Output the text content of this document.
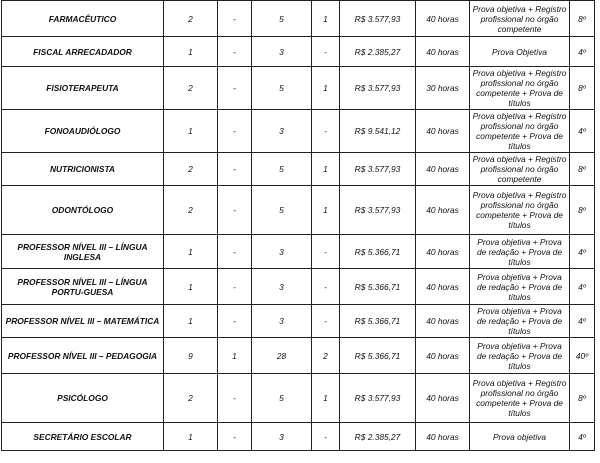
FARMACÊUTICO	2	-	5	1	R$ 3.577,93	40 horas	Prova objetiva + Registro profissional no órgão competente	8º
FISCAL ARRECADADOR	1	-	3	-	R$ 2.385,27	40 horas	Prova Objetiva	4º
FISIOTERAPEUTA	2	-	5	1	R$ 3.577,93	30 horas	Prova objetiva + Registro profissional no órgão competente + Prova de títulos	8º
FONOAUDIÓLOGO	1	-	3	-	R$ 9.541,12	40 horas	Prova objetiva + Registro profissional no órgão competente + Prova de títulos	4º
NUTRICIONISTA	2	-	5	1	R$ 3.577,93	40 horas	Prova objetiva + Registro profissional no órgão competente	8º
ODONTÓLOGO	2	-	5	1	R$ 3.577,93	40 horas	Prova objetiva + Registro profissional no órgão competente + Prova de títulos	8º
PROFESSOR NÍVEL III – LÍNGUA INGLESA	1	-	3	-	R$ 5.366,71	40 horas	Prova objetiva + Prova de redação + Prova de títulos	4º
PROFESSOR NÍVEL III – LÍNGUA PORTU-GUESA	1	-	3	-	R$ 5.366,71	40 horas	Prova objetiva + Prova de redação + Prova de títulos	4º
PROFESSOR NÍVEL III – MATEMÁTICA	1	-	3	-	R$ 5.366,71	40 horas	Prova objetiva + Prova de redação + Prova de títulos	4º
PROFESSOR NÍVEL III – PEDAGOGIA	9	1	28	2	R$ 5.366,71	40 horas	Prova objetiva + Prova de redação + Prova de títulos	40º
PSICÓLOGO	2	-	5	1	R$ 3.577,93	40 horas	Prova objetiva + Registro profissional no órgão competente + Prova de títulos	8º
SECRETÁRIO ESCOLAR	1	-	3	-	R$ 2.385,27	40 horas	Prova objetiva	4º
